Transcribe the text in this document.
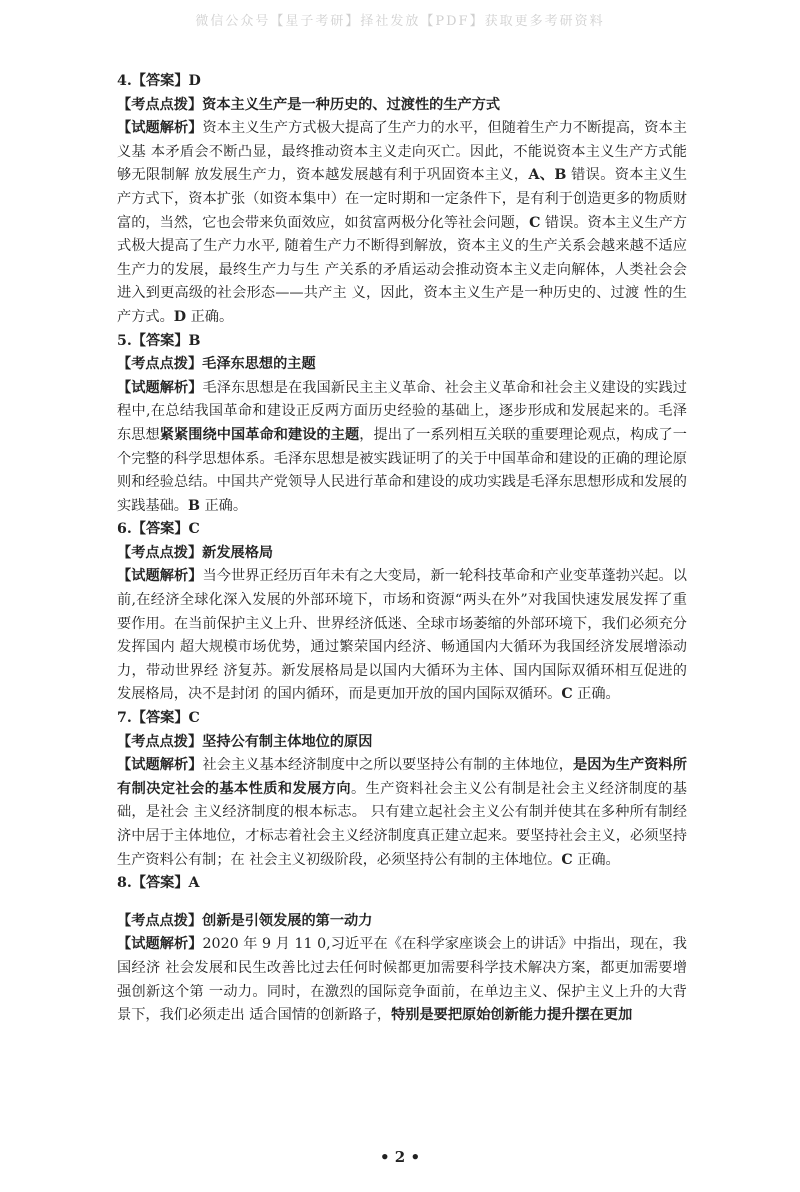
微信公众号【星子考研】择社发放【PDF】获取更多考研资料

4.【答案】D

【考点点拨】资本主义生产是一种历史的、过渡性的生产方式

【试题解析】资本主义生产方式极大提高了生产力的水平，但随着生产力不断提高，资本主义基 本矛盾会不断凸显，最终推动资本主义走向灭亡。因此，不能说资本主义生产方式能够无限制解 放发展生产力，资本越发展越有利于巩固资本主义，A、B 错误。资本主义生产方式下，资本扩张（如资本集中）在一定时期和一定条件下，是有利于创造更多的物质财富的，当然，它也会带来负面效应，如贫富两极分化等社会问题，C 错误。资本主义生产方式极大提高了生产力水平, 随着生产力不断得到解放，资本主义的生产关系会越来越不适应生产力的发展，最终生产力与生 产关系的矛盾运动会推动资本主义走向解体，人类社会会进入到更高级的社会形态——共产主 义，因此，资本主义生产是一种历史的、过渡 性的生产方式。D 正确。

5.【答案】B

【考点点拨】毛泽东思想的主题

【试题解析】毛泽东思想是在我国新民主主义革命、社会主义革命和社会主义建设的实践过程中,在总结我国革命和建设正反两方面历史经验的基础上，逐步形成和发展起来的。毛泽东思想紧紧围绕中国革命和建设的主题，提出了一系列相互关联的重要理论观点，构成了一个完整的科学思想体系。毛泽东思想是被实践证明了的关于中国革命和建设的正确的理论原则和经验总结。中国共产党领导人民进行革命和建设的成功实践是毛泽东思想形成和发展的实践基础。B 正确。

6.【答案】C

【考点点拨】新发展格局

【试题解析】当今世界正经历百年未有之大变局，新一轮科技革命和产业变革蓬勃兴起。以前,在经济全球化深入发展的外部环境下，市场和资源“两头在外”对我国快速发展发挥了重要作用。在当前保护主义上升、世界经济低迷、全球市场萎缩的外部环境下，我们必须充分发挥国内 超大规模市场优势，通过繁荣国内经济、畅通国内大循环为我国经济发展增添动力，带动世界经 济复苏。新发展格局是以国内大循环为主体、国内国际双循环相互促进的发展格局，决不是封闭 的国内循环，而是更加开放的国内国际双循环。C 正确。

7.【答案】C

【考点点拨】坚持公有制主体地位的原因

【试题解析】社会主义基本经济制度中之所以要坚持公有制的主体地位，是因为生产资料所有制决定社会的基本性质和发展方向。生产资料社会主义公有制是社会主义经济制度的基础，是社会 主义经济制度的根本标志。 只有建立起社会主义公有制并使其在多种所有制经济中居于主体地位，才标志着社会主义经济制度真正建立起来。要坚持社会主义，必须坚持生产资料公有制；在 社会主义初级阶段，必须坚持公有制的主体地位。C 正确。

8.【答案】A

【考点点拨】创新是引领发展的第一动力

【试题解析】2020 年 9 月 11 0,习近平在《在科学家座谈会上的讲话》中指出，现在，我国经济 社会发展和民生改善比过去任何时候都更加需要科学技术解决方案，都更加需要增强创新这个第 一动力。同时，在激烈的国际竞争面前，在单边主义、保护主义上升的大背景下，我们必须走出 适合国情的创新路子，特别是要把原始创新能力提升摆在更加

• 2 •
